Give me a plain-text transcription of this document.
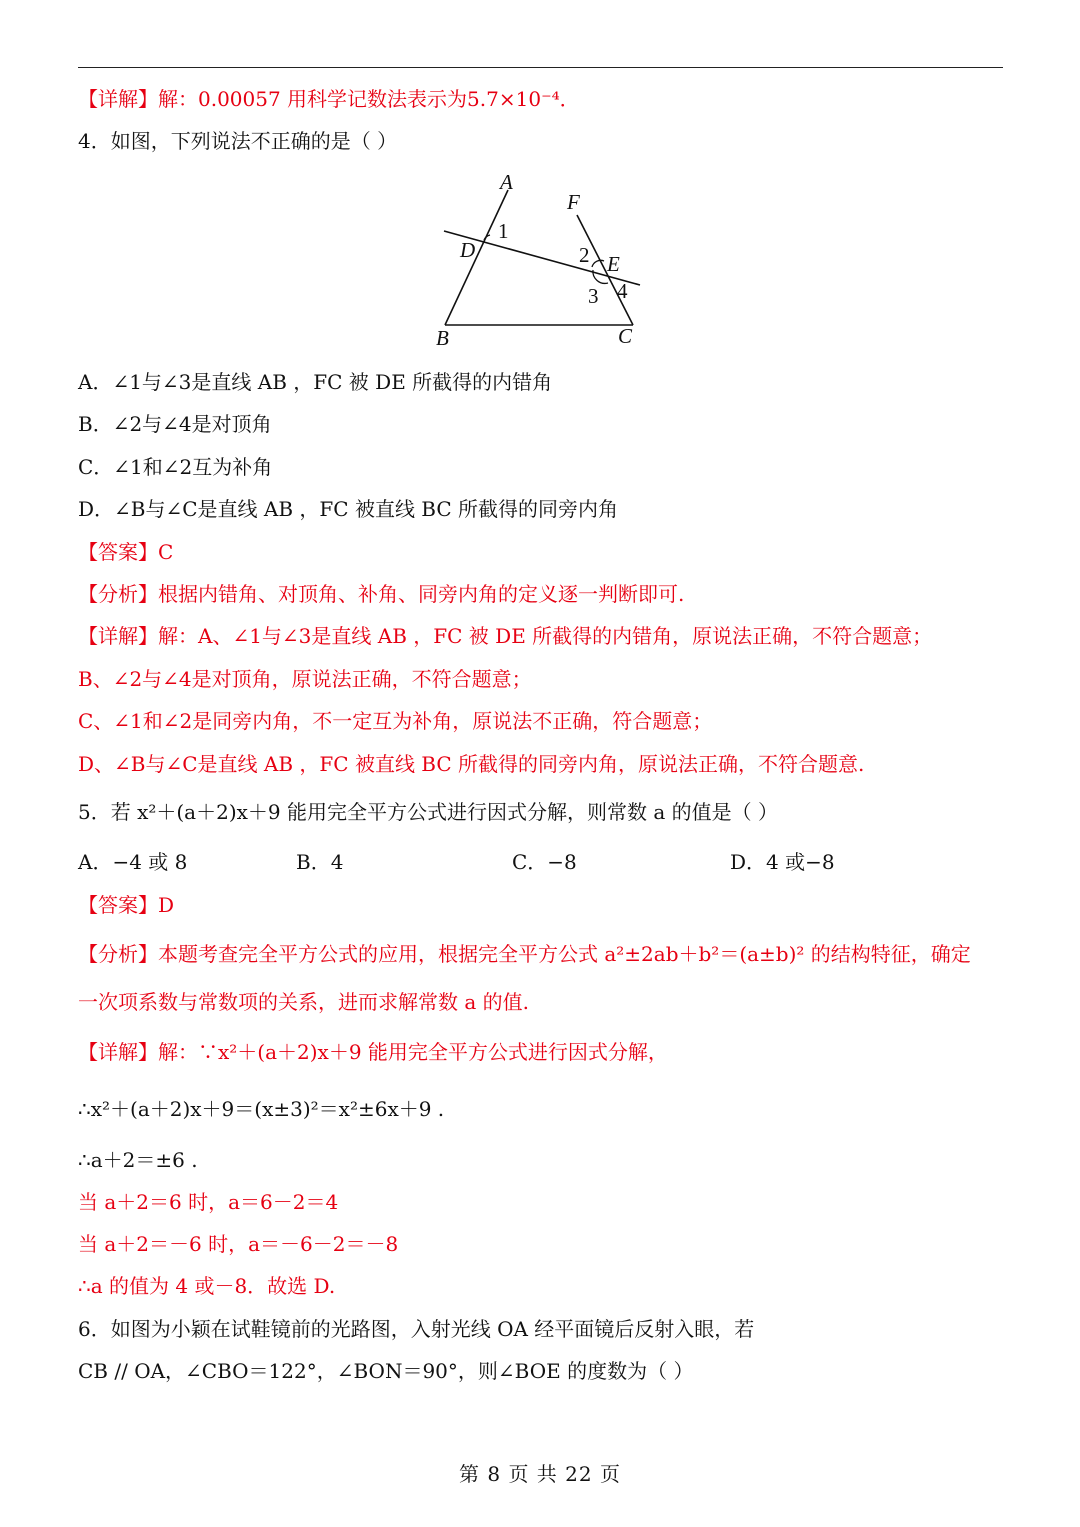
【详解】解：0.00057 用科学记数法表示为5.7×10⁻⁴．
4．如图，下列说法不正确的是（ ）
A
B	C
D
E
F
1
2
3 4
A．∠1与∠3是直线 AB ，FC 被 DE 所截得的内错角
B．∠2与∠4是对顶角
C．∠1和∠2互为补角
D．∠B与∠C是直线 AB ，FC 被直线 BC 所截得的同旁内角
【答案】C
【分析】根据内错角、对顶角、补角、同旁内角的定义逐一判断即可.
【详解】解：A、∠1与∠3是直线 AB ，FC 被 DE 所截得的内错角，原说法正确，不符合题意；
B、∠2与∠4是对顶角，原说法正确，不符合题意；
C、∠1和∠2是同旁内角，不一定互为补角，原说法不正确，符合题意；
D、∠B与∠C是直线 AB ，FC 被直线 BC 所截得的同旁内角，原说法正确，不符合题意.
5．若 x²＋(a＋2)x＋9 能用完全平方公式进行因式分解，则常数 a 的值是（ ）
A．−4 或 8	B．4	C．−8	D．4 或−8
【答案】D
【分析】本题考查完全平方公式的应用，根据完全平方公式 a²±2ab＋b²＝(a±b)² 的结构特征，确定
一次项系数与常数项的关系，进而求解常数 a 的值.
【详解】解：∵x²＋(a＋2)x＋9 能用完全平方公式进行因式分解，
∴x²＋(a＋2)x＋9＝(x±3)²＝x²±6x＋9 .
∴a＋2＝±6 .
当 a＋2＝6 时，a＝6－2＝4
当 a＋2＝－6 时，a＝－6－2＝－8
∴a 的值为 4 或－8．故选 D.
6．如图为小颖在试鞋镜前的光路图，入射光线 OA 经平面镜后反射入眼，若
CB // OA，∠CBO＝122°，∠BON＝90°，则∠BOE 的度数为（ ）
第 8 页 共 22 页
